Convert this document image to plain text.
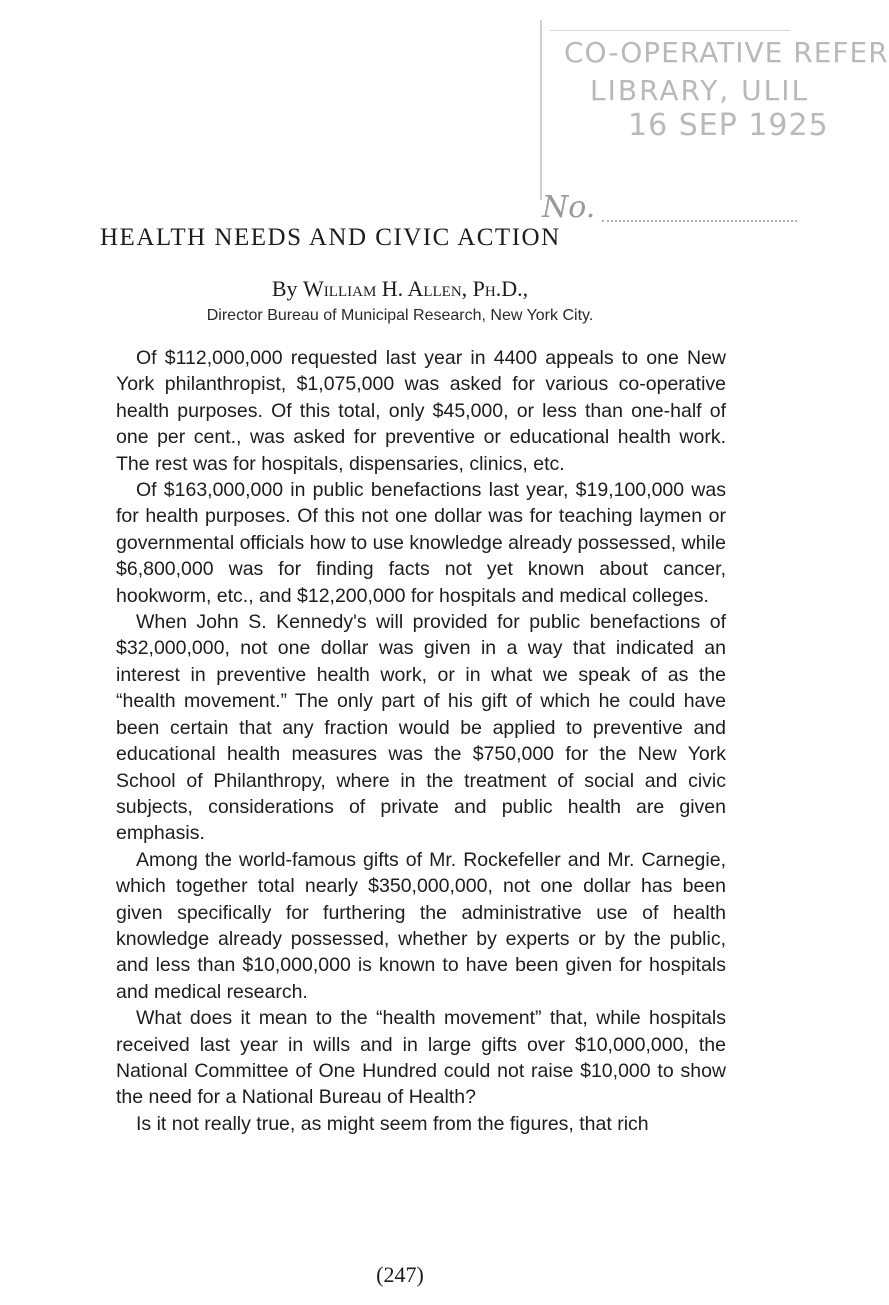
CO-OPERATIVE REFER
LIBRARY, ULIL
16 SEP 1925
No.
HEALTH NEEDS AND CIVIC ACTION
By William H. Allen, Ph.D.,
Director Bureau of Municipal Research, New York City.

Of $112,000,000 requested last year in 4400 appeals to one New York philanthropist, $1,075,000 was asked for various co-operative health purposes. Of this total, only $45,000, or less than one-half of one per cent., was asked for preventive or educational health work. The rest was for hospitals, dispensaries, clinics, etc.

Of $163,000,000 in public benefactions last year, $19,100,000 was for health purposes. Of this not one dollar was for teaching laymen or governmental officials how to use knowledge already possessed, while $6,800,000 was for finding facts not yet known about cancer, hookworm, etc., and $12,200,000 for hospitals and medical colleges.

When John S. Kennedy's will provided for public benefactions of $32,000,000, not one dollar was given in a way that indicated an interest in preventive health work, or in what we speak of as the “health movement.” The only part of his gift of which he could have been certain that any fraction would be applied to preventive and educational health measures was the $750,000 for the New York School of Philanthropy, where in the treatment of social and civic subjects, considerations of private and public health are given emphasis.

Among the world-famous gifts of Mr. Rockefeller and Mr. Carnegie, which together total nearly $350,000,000, not one dollar has been given specifically for furthering the administrative use of health knowledge already possessed, whether by experts or by the public, and less than $10,000,000 is known to have been given for hospitals and medical research.

What does it mean to the “health movement” that, while hospitals received last year in wills and in large gifts over $10,000,000, the National Committee of One Hundred could not raise $10,000 to show the need for a National Bureau of Health?

Is it not really true, as might seem from the figures, that rich

(247)
